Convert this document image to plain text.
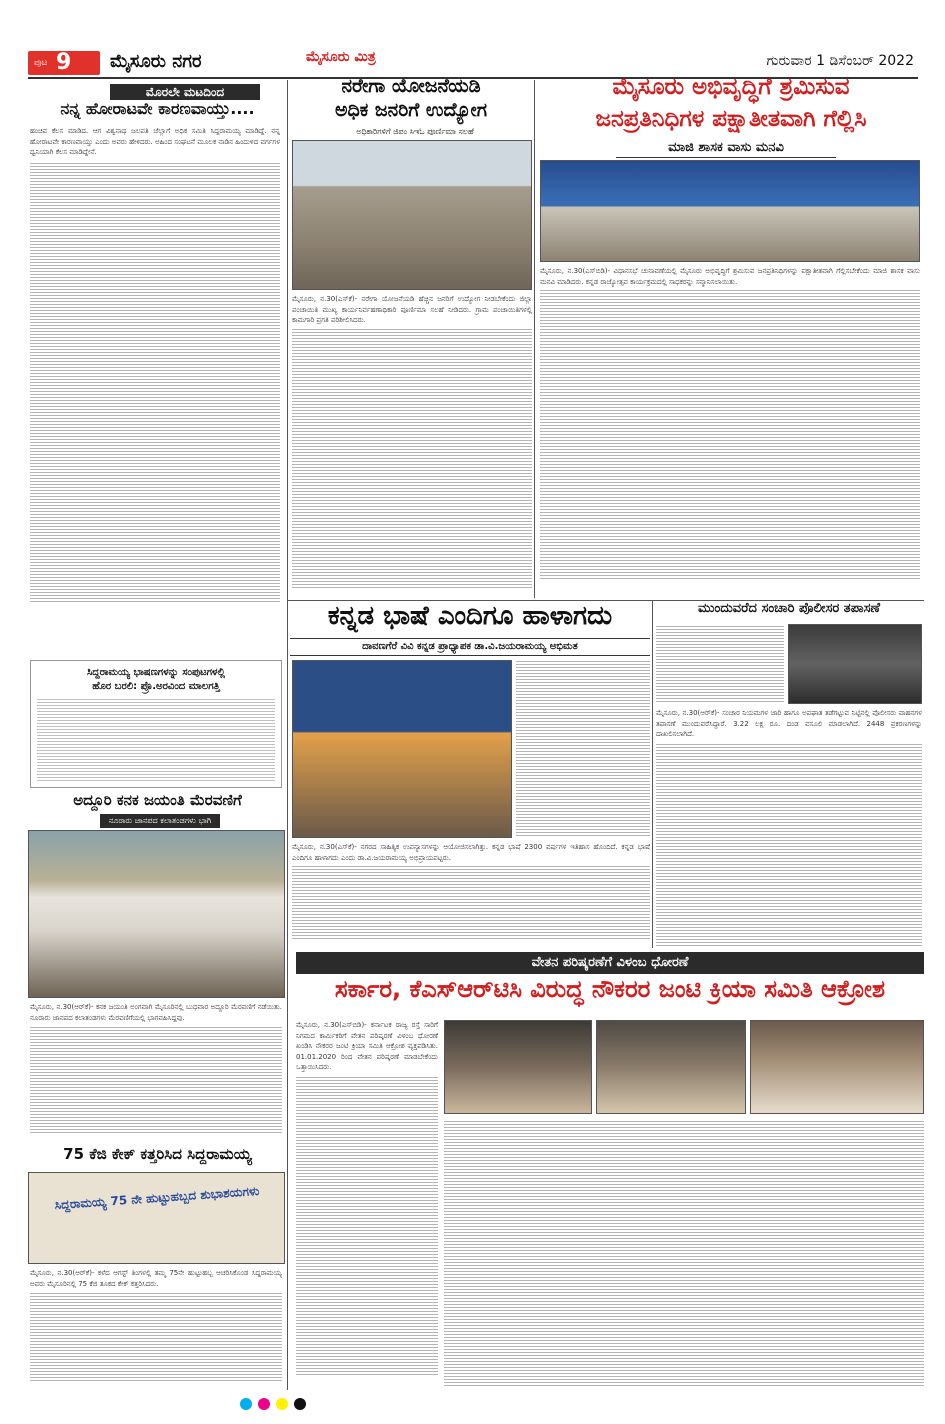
ಪುಟ 9 ಮೈಸೂರು ನಗರ	ಮೈಸೂರು ಮಿತ್ರ	ಗುರುವಾರ 1 ಡಿಸೆಂಬರ್ 2022
ಮೊರಲೇ ಮಟದಿಂದ
ನನ್ನ ಹೋರಾಟವೇ ಕಾರಣವಾಯ್ತು....

ಹಂಚಿವ ಕೆಲಸ ಮಾಡಿದ. ಆಗ ವಿಶ್ವನಾಥ ಜಲಪತಿ ಜೆಲ್ಲಾಗೆ ಅಧಿಕ ಸಮಿತಿ ಸಿದ್ದರಾಮಯ್ಯ ಮಾಡಿದ್ದೆ. ನನ್ನ ಹೋರಾಟವೇ ಕಾರಣವಾಯ್ತು ಎಂದು ಅವರು ಹೇಳಿದರು. ಅಹಿಂದ ಸಂಘಟನೆ ಮೂಲಕ ನಾಡಿನ ಹಿಂದುಳಿದ ವರ್ಗಗಳ ಧ್ವನಿಯಾಗಿ ಕೆಲಸ ಮಾಡಿದ್ದೇನೆ.

ಸಿದ್ದರಾಮಯ್ಯ ಭಾಷಣಗಳನ್ನು ಸಂಪುಟಗಳಲ್ಲಿ
ಹೊರ ಬರಲಿ: ಪ್ರೊ.ಅರವಿಂದ ಮಾಲಗತ್ತಿ
ಅದ್ದೂರಿ ಕನಕ ಜಯಂತಿ ಮೆರವಣಿಗೆ
ನೂರಾರು ಜಾನಪದ ಕಲಾತಂಡಗಳು ಭಾಗಿ

ಮೈಸೂರು, ನ.30(ಆರ್‌ಕೆ)- ಕನಕ ಜಯಂತಿ ಅಂಗವಾಗಿ ಮೈಸೂರಿನಲ್ಲಿ ಬುಧವಾರ ಅದ್ದೂರಿ ಮೆರವಣಿಗೆ ನಡೆಯಿತು. ನೂರಾರು ಜಾನಪದ ಕಲಾತಂಡಗಳು ಮೆರವಣಿಗೆಯಲ್ಲಿ ಭಾಗವಹಿಸಿದ್ದವು.

75 ಕೆಜಿ ಕೇಕ್ ಕತ್ತರಿಸಿದ ಸಿದ್ದರಾಮಯ್ಯ
ಸಿದ್ದರಾಮಯ್ಯ 75 ನೇ ಹುಟ್ಟುಹಬ್ಬದ ಶುಭಾಶಯಗಳು

ಮೈಸೂರು, ನ.30(ಆರ್‌ಕೆ)- ಕಳೆದ ಆಗಸ್ಟ್ ತಿಂಗಳಲ್ಲಿ ತಮ್ಮ 75ನೇ ಹುಟ್ಟುಹಬ್ಬ ಆಚರಿಸಿಕೊಂಡ ಸಿದ್ದರಾಮಯ್ಯ ಅವರು ಮೈಸೂರಿನಲ್ಲಿ 75 ಕೆಜಿ ತೂಕದ ಕೇಕ್ ಕತ್ತರಿಸಿದರು.

ನರೇಗಾ ಯೋಜನೆಯಡಿ
ಅಧಿಕ ಜನರಿಗೆ ಉದ್ಯೋಗ
ಅಧಿಕಾರಿಗಳಿಗೆ ಜಿಪಂ ಸಿಇಓ ಪೂರ್ಣಿಮಾ ಸಲಹೆ

ಮೈಸೂರು, ನ.30(ಎಸ್‌ಕೆ)- ನರೇಗಾ ಯೋಜನೆಯಡಿ ಹೆಚ್ಚಿನ ಜನರಿಗೆ ಉದ್ಯೋಗ ನೀಡಬೇಕೆಂದು ಜಿಲ್ಲಾ ಪಂಚಾಯಿತಿ ಮುಖ್ಯ ಕಾರ್ಯನಿರ್ವಹಣಾಧಿಕಾರಿ ಪೂರ್ಣಿಮಾ ಸಲಹೆ ನೀಡಿದರು. ಗ್ರಾಮ ಪಂಚಾಯಿತಿಗಳಲ್ಲಿ ಕಾಮಗಾರಿ ಪ್ರಗತಿ ಪರಿಶೀಲಿಸಿದರು.

ಮೈಸೂರು ಅಭಿವೃದ್ಧಿಗೆ ಶ್ರಮಿಸುವ
ಜನಪ್ರತಿನಿಧಿಗಳ ಪಕ್ಷಾತೀತವಾಗಿ ಗೆಲ್ಲಿಸಿ
ಮಾಜಿ ಶಾಸಕ ವಾಸು ಮನವಿ

ಮೈಸೂರು, ನ.30(ಎಸ್‌ಬಿಡಿ)- ವಿಧಾನಸಭೆ ಚುನಾವಣೆಯಲ್ಲಿ ಮೈಸೂರು ಅಭಿವೃದ್ಧಿಗೆ ಶ್ರಮಿಸುವ ಜನಪ್ರತಿನಿಧಿಗಳನ್ನು ಪಕ್ಷಾತೀತವಾಗಿ ಗೆಲ್ಲಿಸಬೇಕೆಂದು ಮಾಜಿ ಶಾಸಕ ವಾಸು ಮನವಿ ಮಾಡಿದರು. ಕನ್ನಡ ರಾಜ್ಯೋತ್ಸವ ಕಾರ್ಯಕ್ರಮದಲ್ಲಿ ಸಾಧಕರನ್ನು ಸನ್ಮಾನಿಸಲಾಯಿತು.

ಕನ್ನಡ ಭಾಷೆ ಎಂದಿಗೂ ಹಾಳಾಗದು
ದಾವಣಗೆರೆ ವಿವಿ ಕನ್ನಡ ಪ್ರಾಧ್ಯಾಪಕ ಡಾ.ವಿ.ಜಯರಾಮಯ್ಯ ಅಭಿಮತ

ಮೈಸೂರು, ನ.30(ಎಸ್‌ಕೆ)- ನಗರದ ಸಾಹಿತ್ಯಿಕ ಉಪನ್ಯಾಸಗಳನ್ನು ಆಯೋಜಿಸಲಾಗಿತ್ತು. ಕನ್ನಡ ಭಾಷೆ 2300 ವರ್ಷಗಳ ಇತಿಹಾಸ ಹೊಂದಿದೆ. ಕನ್ನಡ ಭಾಷೆ ಎಂದಿಗೂ ಹಾಳಾಗದು ಎಂದು ಡಾ.ವಿ.ಜಯರಾಮಯ್ಯ ಅಭಿಪ್ರಾಯಪಟ್ಟರು.

ಮುಂದುವರೆದ ಸಂಚಾರಿ ಪೊಲೀಸರ ತಪಾಸಣೆ

ಮೈಸೂರು, ನ.30(ಆರ್‌ಕೆ)- ಸಂಚಾರ ನಿಯಮಗಳ ಜಾರಿ ಹಾಗೂ ಅಪಘಾತ ತಡೆಗಟ್ಟುವ ನಿಟ್ಟಿನಲ್ಲಿ ಪೊಲೀಸರು ವಾಹನಗಳ ತಪಾಸಣೆ ಮುಂದುವರೆಸಿದ್ದಾರೆ. 3.22 ಲಕ್ಷ ರೂ. ದಂಡ ವಸೂಲಿ ಮಾಡಲಾಗಿದೆ. 2448 ಪ್ರಕರಣಗಳನ್ನು ದಾಖಲಿಸಲಾಗಿದೆ.

ವೇತನ ಪರಿಷ್ಕರಣೆಗೆ ವಿಳಂಬ ಧೋರಣೆ
ಸರ್ಕಾರ, ಕೆಎಸ್‌ಆರ್‌ಟಿಸಿ ವಿರುದ್ಧ ನೌಕರರ ಜಂಟಿ ಕ್ರಿಯಾ ಸಮಿತಿ ಆಕ್ರೋಶ

ಮೈಸೂರು, ನ.30(ಎಸ್‌ಬಿಡಿ)- ಕರ್ನಾಟಕ ರಾಜ್ಯ ರಸ್ತೆ ಸಾರಿಗೆ ನಿಗಮದ ಕಾರ್ಮಿಕರಿಗೆ ವೇತನ ಪರಿಷ್ಕರಣೆ ವಿಳಂಬ ಧೋರಣೆ ಖಂಡಿಸಿ ನೌಕರರ ಜಂಟಿ ಕ್ರಿಯಾ ಸಮಿತಿ ಆಕ್ರೋಶ ವ್ಯಕ್ತಪಡಿಸಿತು. 01.01.2020 ರಿಂದ ವೇತನ ಪರಿಷ್ಕರಣೆ ಮಾಡಬೇಕೆಂದು ಒತ್ತಾಯಿಸಿದರು.
